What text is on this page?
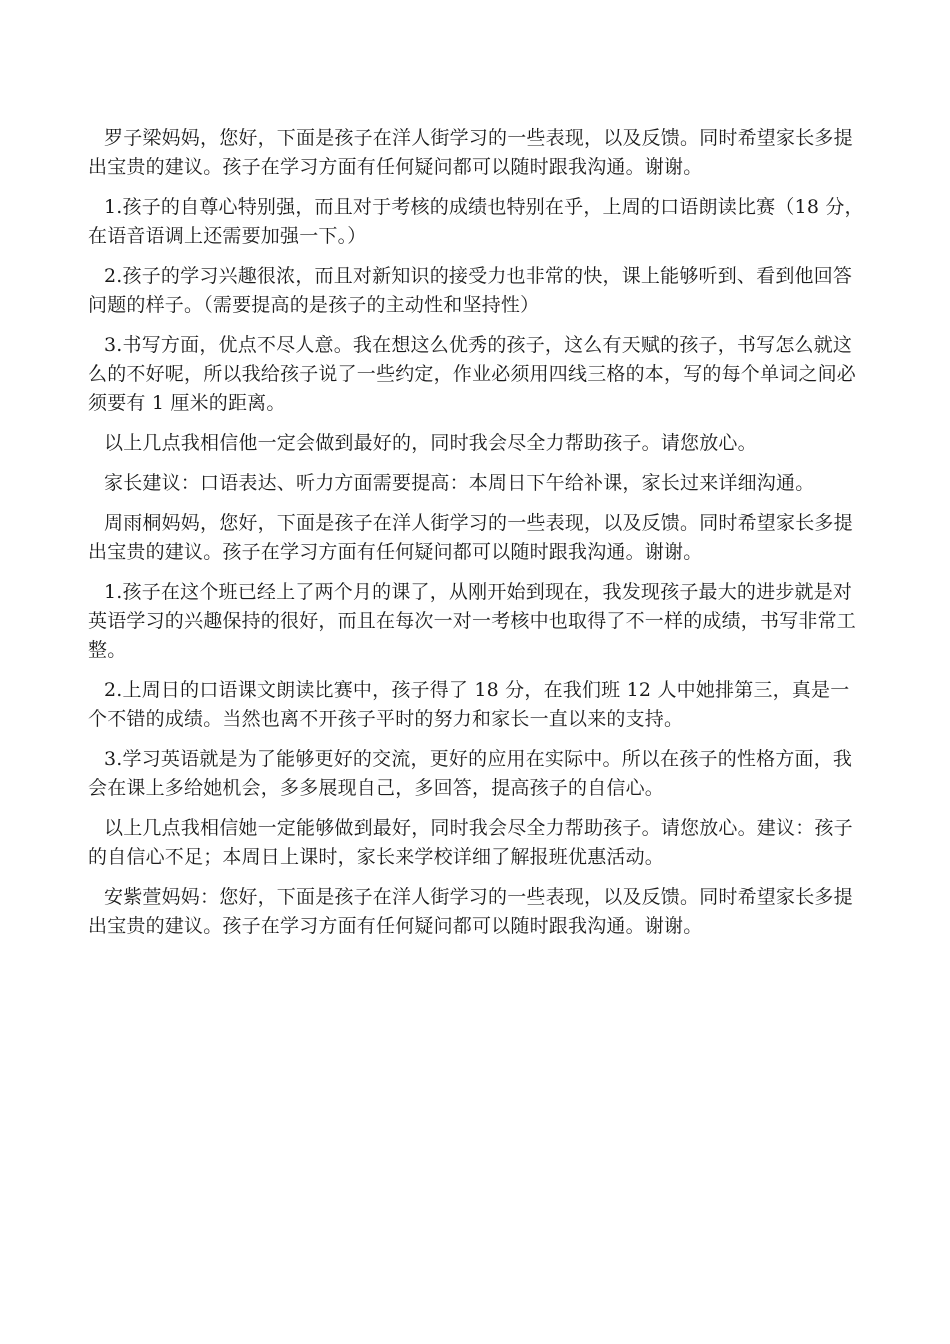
罗子梁妈妈，您好，下面是孩子在洋人街学习的一些表现，以及反馈。同时希望家长多提出宝贵的建议。孩子在学习方面有任何疑问都可以随时跟我沟通。谢谢。

1.孩子的自尊心特别强，而且对于考核的成绩也特别在乎，上周的口语朗读比赛（18 分，在语音语调上还需要加强一下。）

2.孩子的学习兴趣很浓，而且对新知识的接受力也非常的快，课上能够听到、看到他回答问题的样子。（需要提高的是孩子的主动性和坚持性）

3.书写方面，优点不尽人意。我在想这么优秀的孩子，这么有天赋的孩子，书写怎么就这么的不好呢，所以我给孩子说了一些约定，作业必须用四线三格的本，写的每个单词之间必须要有 1 厘米的距离。

以上几点我相信他一定会做到最好的，同时我会尽全力帮助孩子。请您放心。

家长建议：口语表达、听力方面需要提高：本周日下午给补课，家长过来详细沟通。

周雨桐妈妈，您好，下面是孩子在洋人街学习的一些表现，以及反馈。同时希望家长多提出宝贵的建议。孩子在学习方面有任何疑问都可以随时跟我沟通。谢谢。

1.孩子在这个班已经上了两个月的课了，从刚开始到现在，我发现孩子最大的进步就是对英语学习的兴趣保持的很好，而且在每次一对一考核中也取得了不一样的成绩，书写非常工整。

2.上周日的口语课文朗读比赛中，孩子得了 18 分，在我们班 12 人中她排第三，真是一个不错的成绩。当然也离不开孩子平时的努力和家长一直以来的支持。

3.学习英语就是为了能够更好的交流，更好的应用在实际中。所以在孩子的性格方面，我会在课上多给她机会，多多展现自己，多回答，提高孩子的自信心。

以上几点我相信她一定能够做到最好，同时我会尽全力帮助孩子。请您放心。建议：孩子的自信心不足；本周日上课时，家长来学校详细了解报班优惠活动。

安紫萱妈妈：您好，下面是孩子在洋人街学习的一些表现，以及反馈。同时希望家长多提出宝贵的建议。孩子在学习方面有任何疑问都可以随时跟我沟通。谢谢。
